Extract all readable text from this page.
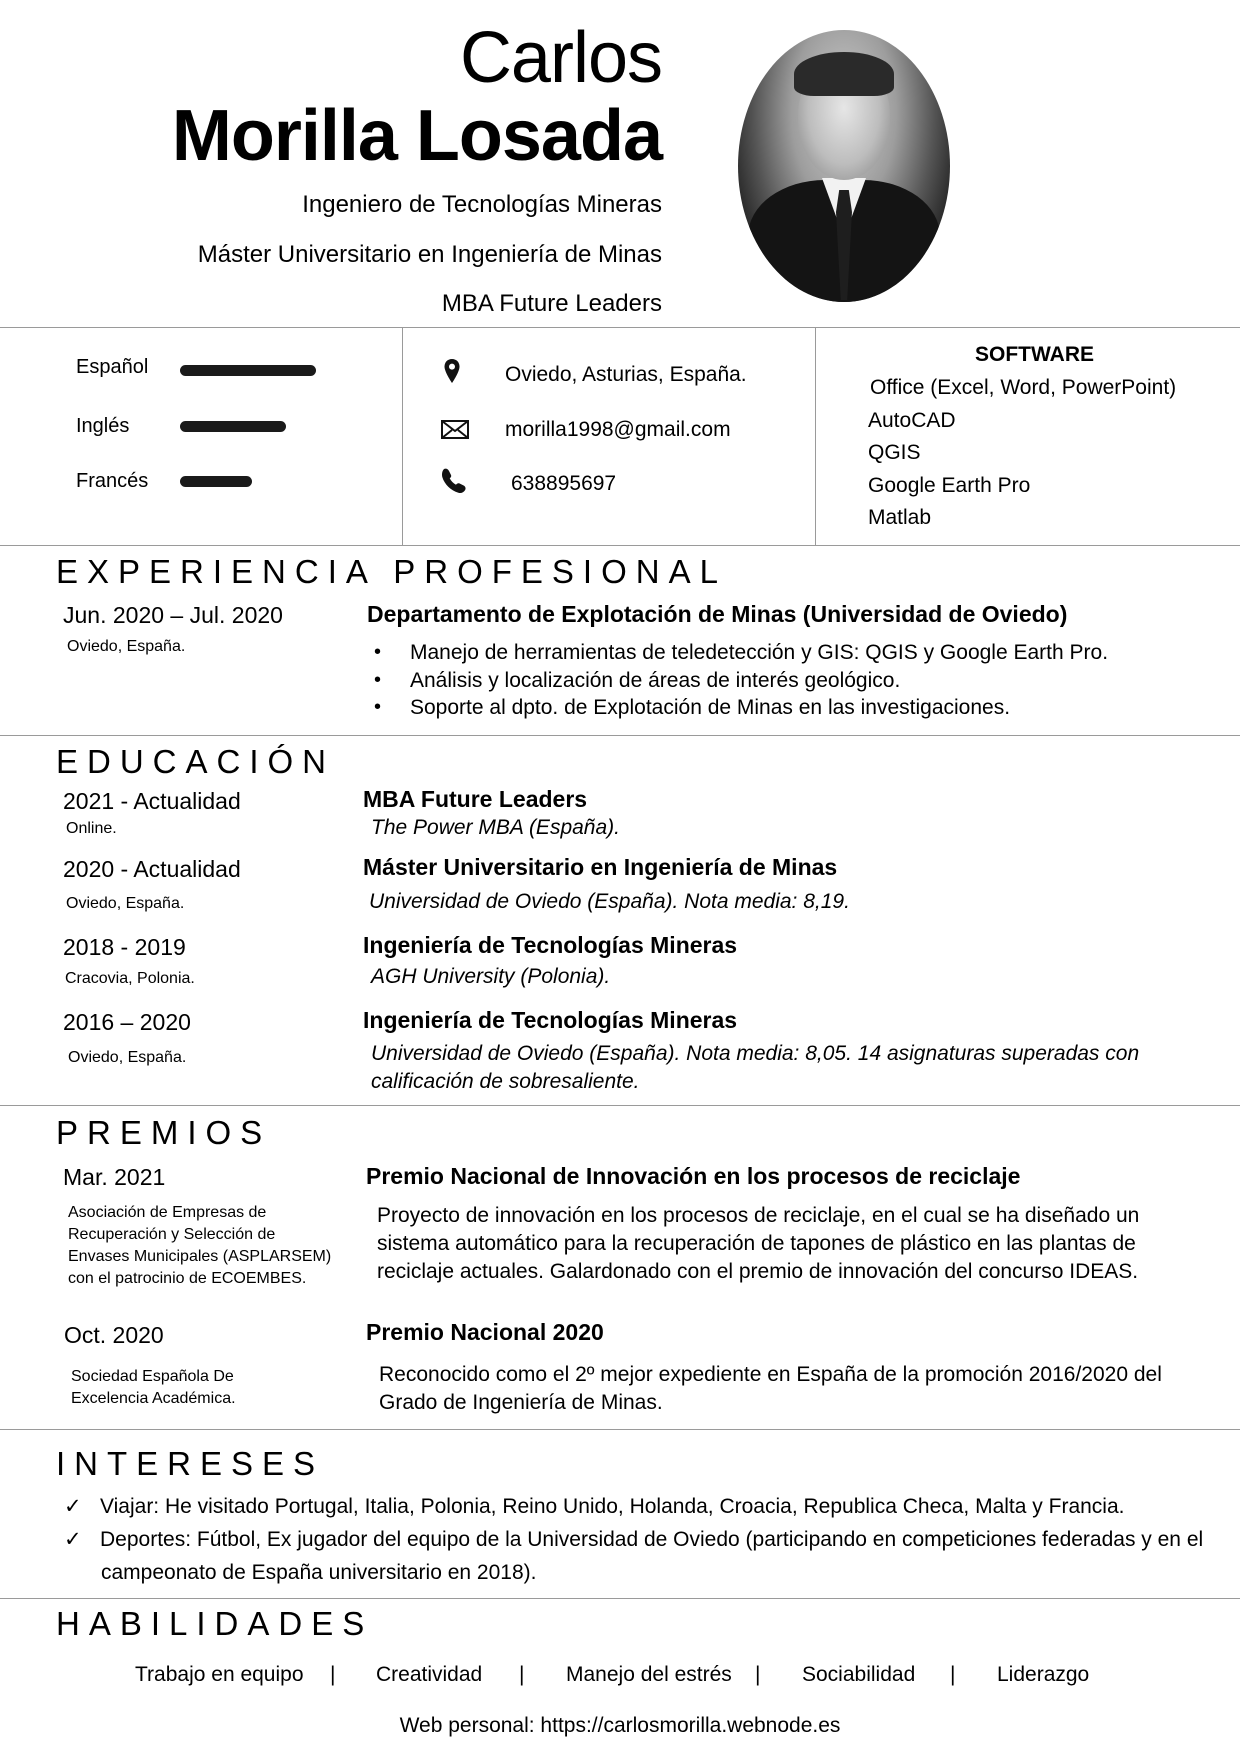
Carlos
Morilla Losada
Ingeniero de Tecnologías Mineras
Máster Universitario en Ingeniería de Minas
MBA Future Leaders
Español
Inglés
Francés
Oviedo, Asturias, España.
morilla1998@gmail.com
638895697
SOFTWARE
Office (Excel, Word, PowerPoint)
AutoCAD
QGIS
Google Earth Pro
Matlab
EXPERIENCIA PROFESIONAL
Jun. 2020 – Jul. 2020
Oviedo, España.
Departamento de Explotación de Minas (Universidad de Oviedo)
• Manejo de herramientas de teledetección y GIS: QGIS y Google Earth Pro.
• Análisis y localización de áreas de interés geológico.
• Soporte al dpto. de Explotación de Minas en las investigaciones.
EDUCACIÓN
2021 - Actualidad
Online.
MBA Future Leaders
The Power MBA (España).
2020 - Actualidad
Oviedo, España.
Máster Universitario en Ingeniería de Minas
Universidad de Oviedo (España). Nota media: 8,19.
2018 - 2019
Cracovia, Polonia.
Ingeniería de Tecnologías Mineras
AGH University (Polonia).
2016 – 2020
Oviedo, España.
Ingeniería de Tecnologías Mineras
Universidad de Oviedo (España). Nota media: 8,05. 14 asignaturas superadas con
calificación de sobresaliente.
PREMIOS
Mar. 2021
Asociación de Empresas de
Recuperación y Selección de
Envases Municipales (ASPLARSEM)
con el patrocinio de ECOEMBES.
Premio Nacional de Innovación en los procesos de reciclaje
Proyecto de innovación en los procesos de reciclaje, en el cual se ha diseñado un
sistema automático para la recuperación de tapones de plástico en las plantas de
reciclaje actuales. Galardonado con el premio de innovación del concurso IDEAS.
Oct. 2020
Sociedad Española De
Excelencia Académica.
Premio Nacional 2020
Reconocido como el 2º mejor expediente en España de la promoción 2016/2020 del
Grado de Ingeniería de Minas.
INTERESES
✓ Viajar: He visitado Portugal, Italia, Polonia, Reino Unido, Holanda, Croacia, Republica Checa, Malta y Francia.
✓ Deportes: Fútbol, Ex jugador del equipo de la Universidad de Oviedo (participando en competiciones federadas y en el
campeonato de España universitario en 2018).
HABILIDADES
Trabajo en equipo | Creatividad | Manejo del estrés | Sociabilidad | Liderazgo
Web personal: https://carlosmorilla.webnode.es
